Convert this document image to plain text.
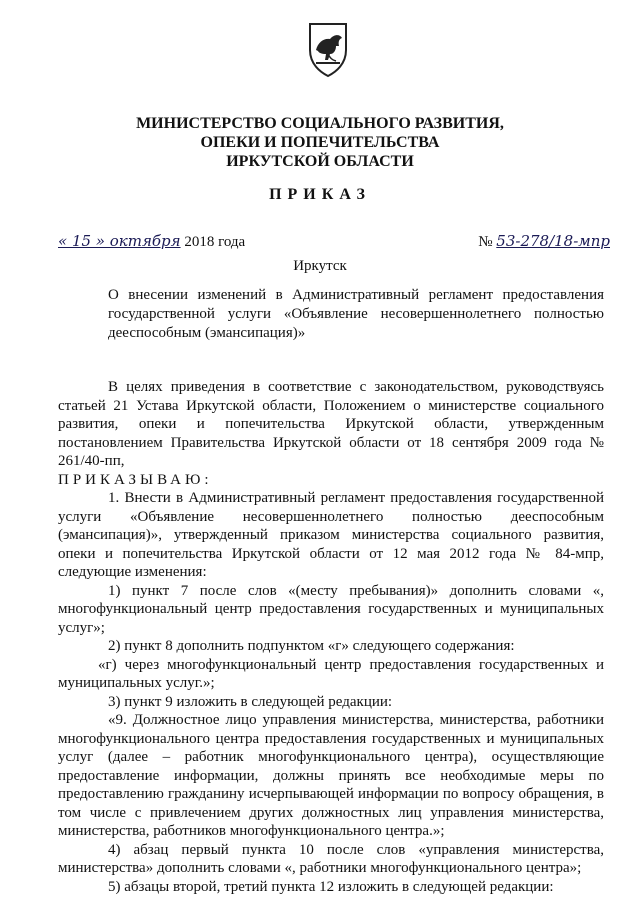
МИНИСТЕРСТВО СОЦИАЛЬНОГО РАЗВИТИЯ,
ОПЕКИ И ПОПЕЧИТЕЛЬСТВА
ИРКУТСКОЙ ОБЛАСТИ
ПРИКАЗ
« 15 » октября 2018 года	№ 53-278/18-мпр
Иркутск
О внесении изменений в Административный регламент предоставления государственной услуги «Объявление несовершеннолетнего полностью дееспособным (эмансипация)»

В целях приведения в соответствие с законодательством, руководствуясь статьей 21 Устава Иркутской области, Положением о министерстве социального развития, опеки и попечительства Иркутской области, утвержденным постановлением Правительства Иркутской области от 18 сентября 2009 года № 261/40-пп,

ПРИКАЗЫВАЮ:

1. Внести в Административный регламент предоставления государственной услуги «Объявление несовершеннолетнего полностью дееспособным (эмансипация)», утвержденный приказом министерства социального развития, опеки и попечительства Иркутской области от 12 мая 2012 года № 84-мпр, следующие изменения:

1) пункт 7 после слов «(месту пребывания)» дополнить словами «, многофункциональный центр предоставления государственных и муниципальных услуг»;

2) пункт 8 дополнить подпунктом «г» следующего содержания:

«г) через многофункциональный центр предоставления государственных и муниципальных услуг.»;

3) пункт 9 изложить в следующей редакции:

«9. Должностное лицо управления министерства, министерства, работники многофункционального центра предоставления государственных и муниципальных услуг (далее – работник многофункционального центра), осуществляющие предоставление информации, должны принять все необходимые меры по предоставлению гражданину исчерпывающей информации по вопросу обращения, в том числе с привлечением других должностных лиц управления министерства, министерства, работников многофункционального центра.»;

4) абзац первый пункта 10 после слов «управления министерства, министерства» дополнить словами «, работники многофункционального центра»;

5) абзацы второй, третий пункта 12 изложить в следующей редакции:
